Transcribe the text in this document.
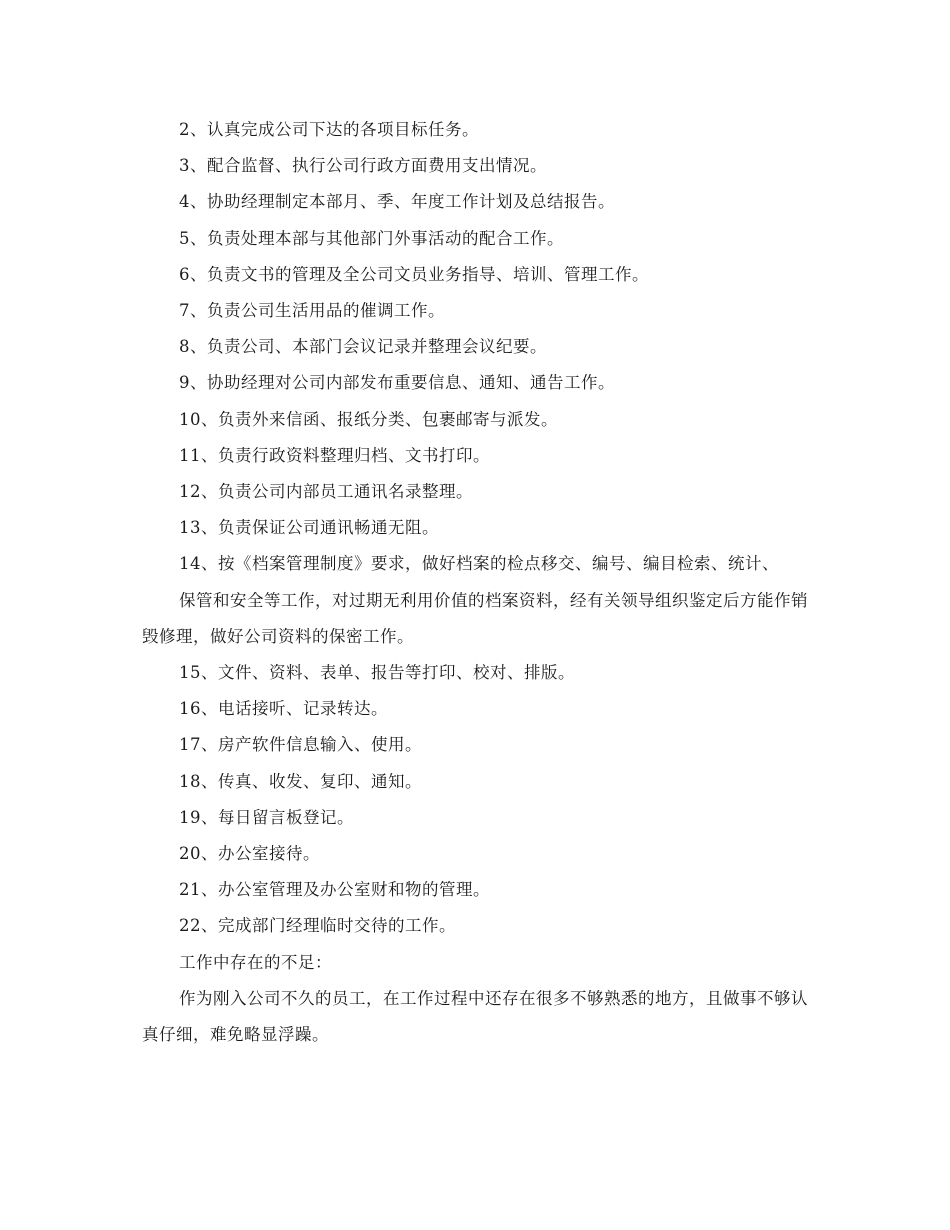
2、认真完成公司下达的各项目标任务。

3、配合监督、执行公司行政方面费用支出情况。

4、协助经理制定本部月、季、年度工作计划及总结报告。

5、负责处理本部与其他部门外事活动的配合工作。

6、负责文书的管理及全公司文员业务指导、培训、管理工作。

7、负责公司生活用品的催调工作。

8、负责公司、本部门会议记录并整理会议纪要。

9、协助经理对公司内部发布重要信息、通知、通告工作。

10、负责外来信函、报纸分类、包裹邮寄与派发。

11、负责行政资料整理归档、文书打印。

12、负责公司内部员工通讯名录整理。

13、负责保证公司通讯畅通无阻。

14、按《档案管理制度》要求，做好档案的检点移交、编号、编目检索、统计、

保管和安全等工作，对过期无利用价值的档案资料，经有关领导组织鉴定后方能作销毁修理，做好公司资料的保密工作。

15、文件、资料、表单、报告等打印、校对、排版。

16、电话接听、记录转达。

17、房产软件信息输入、使用。

18、传真、收发、复印、通知。

19、每日留言板登记。

20、办公室接待。

21、办公室管理及办公室财和物的管理。

22、完成部门经理临时交待的工作。

工作中存在的不足：

作为刚入公司不久的员工，在工作过程中还存在很多不够熟悉的地方，且做事不够认真仔细，难免略显浮躁。
